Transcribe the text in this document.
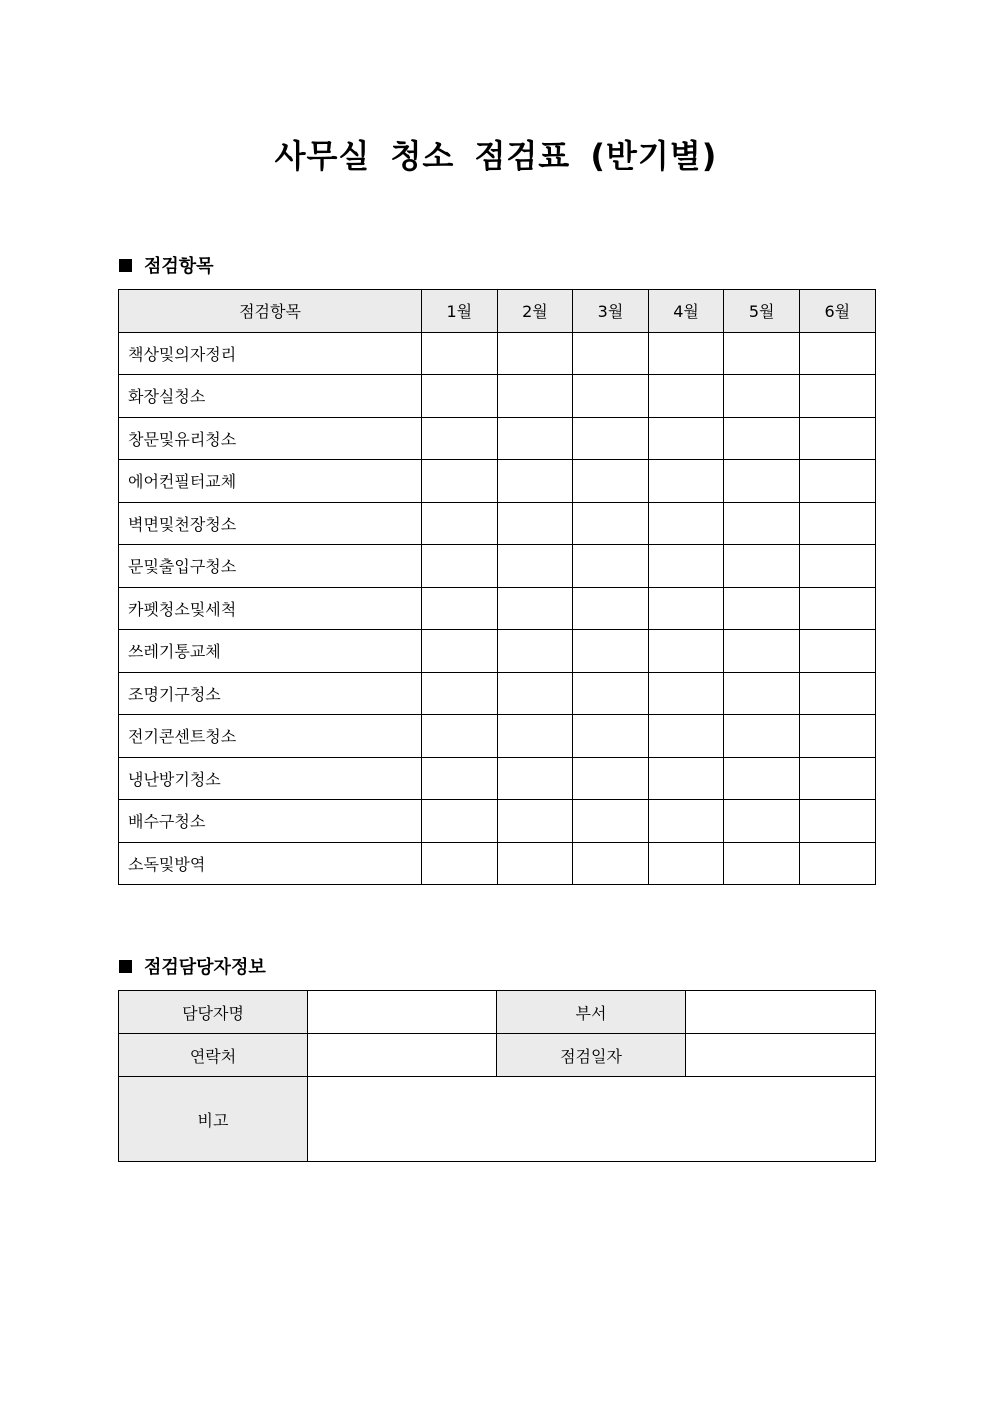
사무실 청소 점검표 (반기별)
점검항목
점검항목	1월	2월	3월	4월	5월	6월
책상및의자정리						
화장실청소						
창문및유리청소						
에어컨필터교체						
벽면및천장청소						
문및출입구청소						
카펫청소및세척						
쓰레기통교체						
조명기구청소						
전기콘센트청소						
냉난방기청소						
배수구청소						
소독및방역						
점검담당자정보
담당자명		부서	
연락처		점검일자	
비고			
